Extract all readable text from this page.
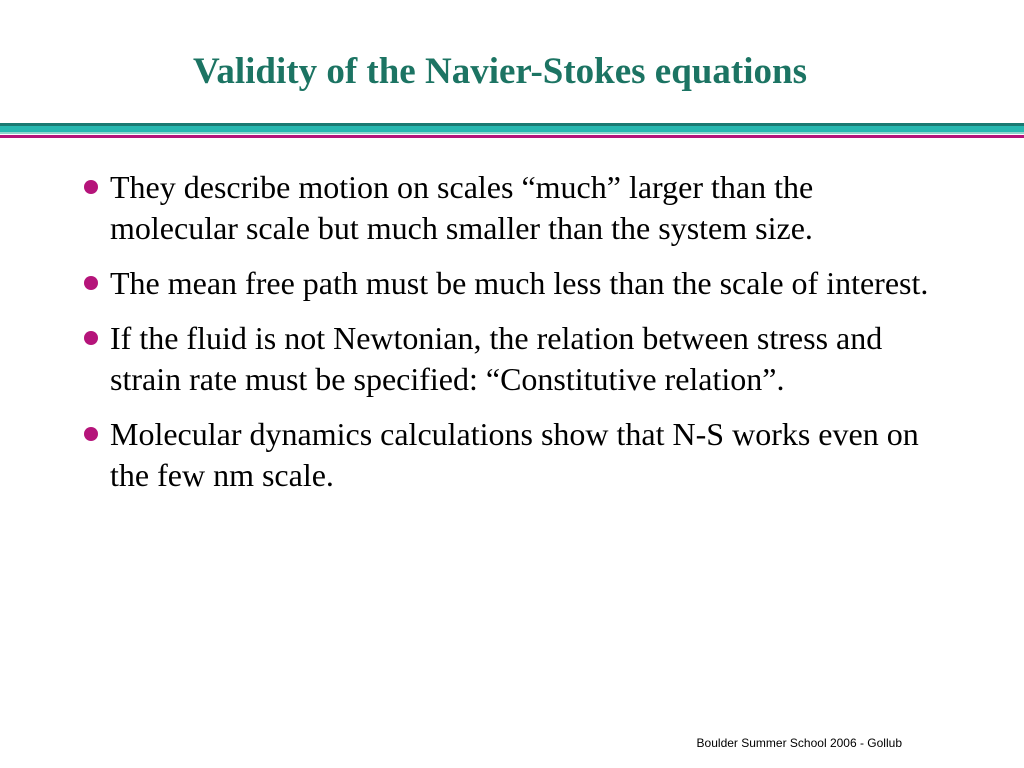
Validity of the Navier-Stokes equations
They describe motion on scales “much” larger than the molecular scale but much smaller than the system size.
The mean free path must be much less than the scale of interest.
If the fluid is not Newtonian, the relation between stress and strain rate must be specified: “Constitutive relation”.
Molecular dynamics calculations show that N-S works even on the few nm scale.
Boulder Summer School 2006 - Gollub
